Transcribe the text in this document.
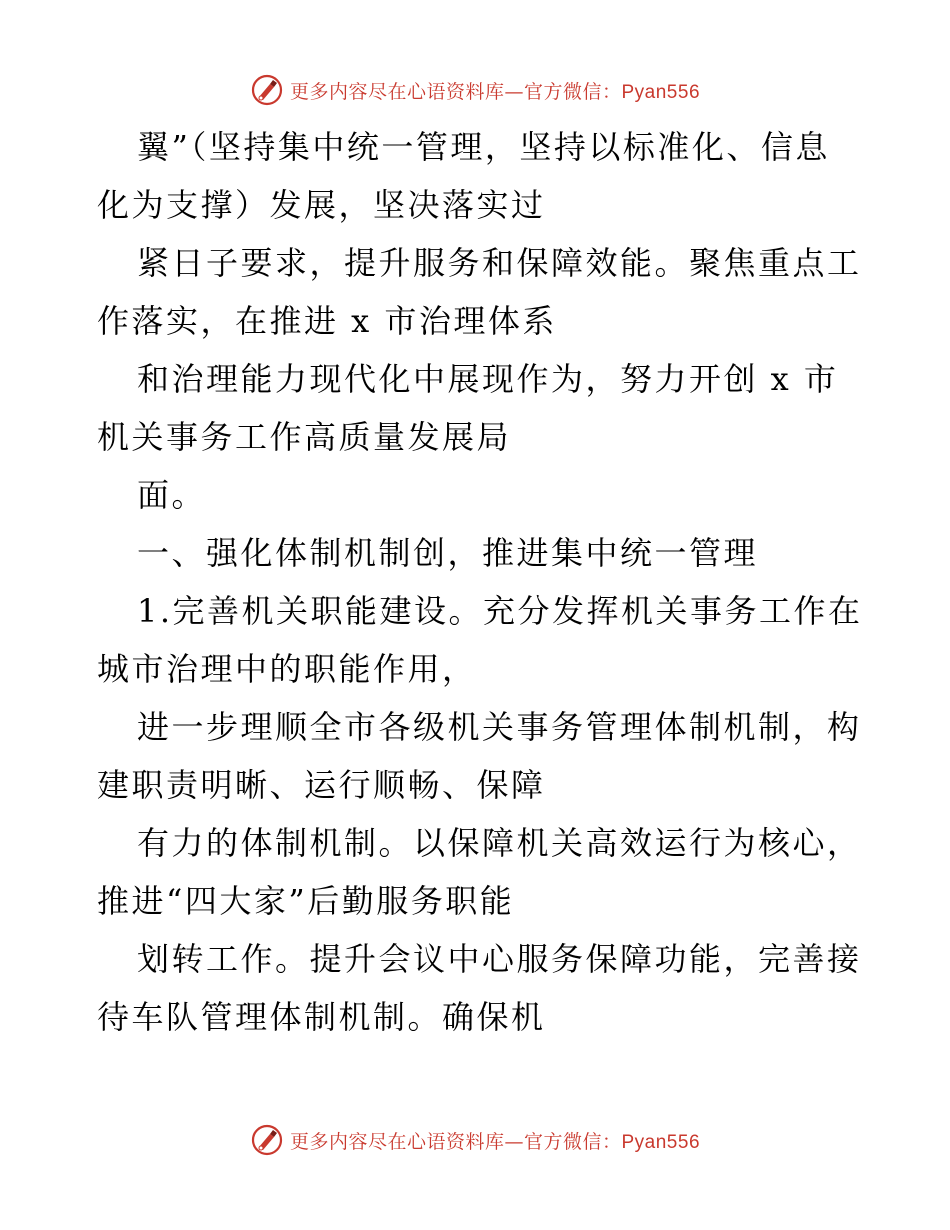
更多内容尽在心语资料库—官方微信：Pyan556
翼”（坚持集中统一管理，坚持以标准化、信息
化为支撑）发展，坚决落实过
紧日子要求，提升服务和保障效能。聚焦重点工
作落实，在推进 x 市治理体系
和治理能力现代化中展现作为，努力开创 x 市
机关事务工作高质量发展局
面。
一、强化体制机制创，推进集中统一管理
1.完善机关职能建设。充分发挥机关事务工作在
城市治理中的职能作用，
进一步理顺全市各级机关事务管理体制机制，构
建职责明晰、运行顺畅、保障
有力的体制机制。以保障机关高效运行为核心，
推进“四大家”后勤服务职能
划转工作。提升会议中心服务保障功能，完善接
待车队管理体制机制。确保机
更多内容尽在心语资料库—官方微信：Pyan556
